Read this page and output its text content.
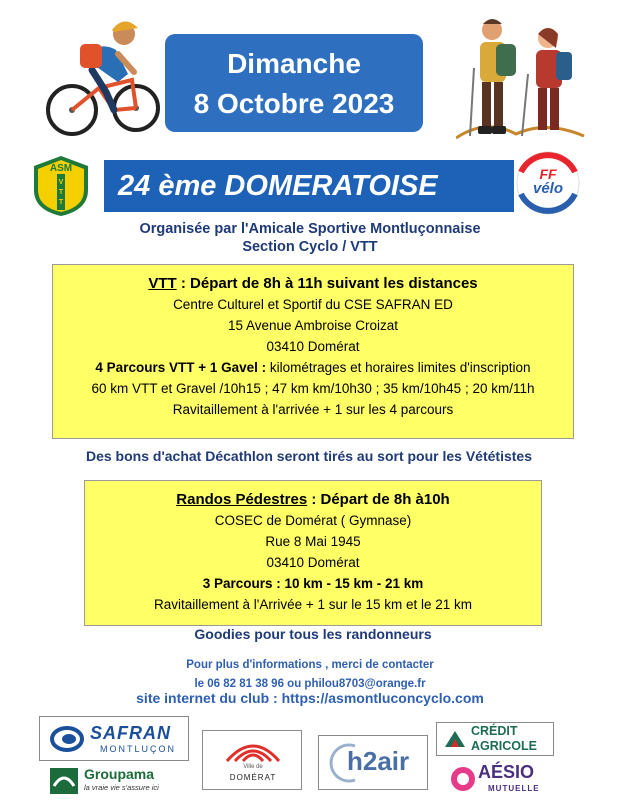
Dimanche
8 Octobre 2023
ASM
V
T
T
24 ème DOMERATOISE	FF
vélo
Organisée par l'Amicale Sportive Montluçonnaise
Section Cyclo / VTT
VTT : Départ de 8h à 11h suivant les distances
Centre Culturel et Sportif du CSE SAFRAN ED
15 Avenue Ambroise Croizat
03410 Domérat
4 Parcours VTT + 1 Gavel : kilométrages et horaires limites d'inscription
60 km VTT et Gravel /10h15 ; 47 km km/10h30 ; 35 km/10h45 ; 20 km/11h
Ravitaillement à l'arrivée + 1 sur les 4 parcours
Des bons d'achat Décathlon seront tirés au sort pour les Vététistes
Randos Pédestres : Départ de 8h à10h
COSEC de Domérat ( Gymnase)
Rue 8 Mai 1945
03410 Domérat
3 Parcours : 10 km - 15 km - 21 km
Ravitaillement à l'Arrivée + 1 sur le 15 km et le 21 km
Goodies pour tous les randonneurs
Pour plus d'informations , merci de contacter
le 06 82 81 38 96 ou philou8703@orange.fr
site internet du club : https://asmontluconcyclo.com
SAFRAN
MONTLUÇON
Groupama
la vraie vie s'assure ici
Ville de
DOMÉRAT
h2air
CRÉDIT AGRICOLE
AÉSIO
MUTUELLE
